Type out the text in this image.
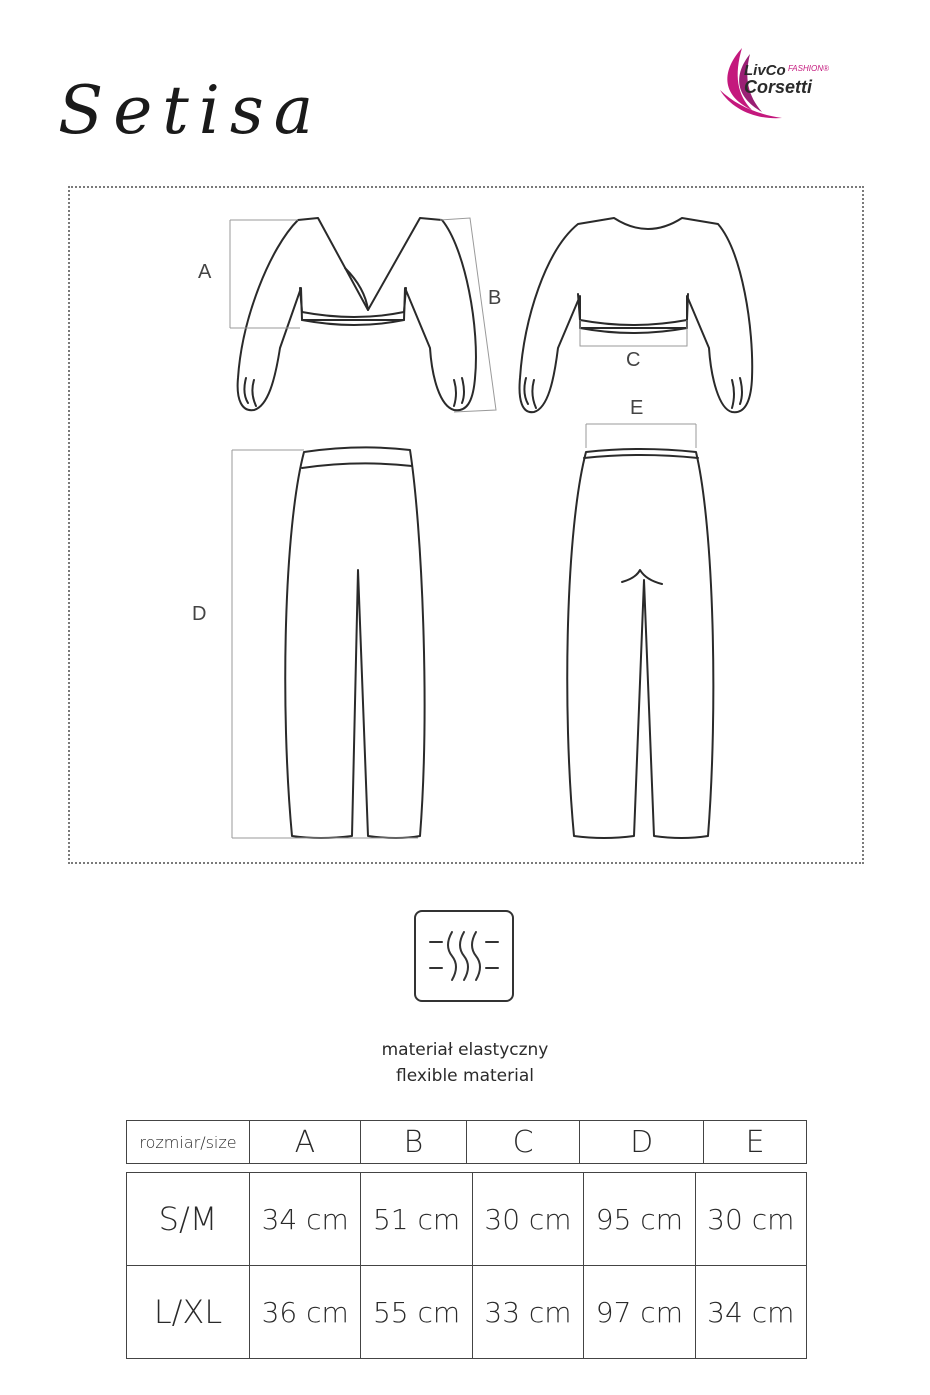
Setisa
LivCo FASHION®
Corsetti
A
B
C
D
E
materiał elastyczny
flexible material
rozmiar/size	A	B	C	D	E
S/M	34 cm	51 cm	30 cm	95 cm	30 cm
L/XL	36 cm	55 cm	33 cm	97 cm	34 cm
